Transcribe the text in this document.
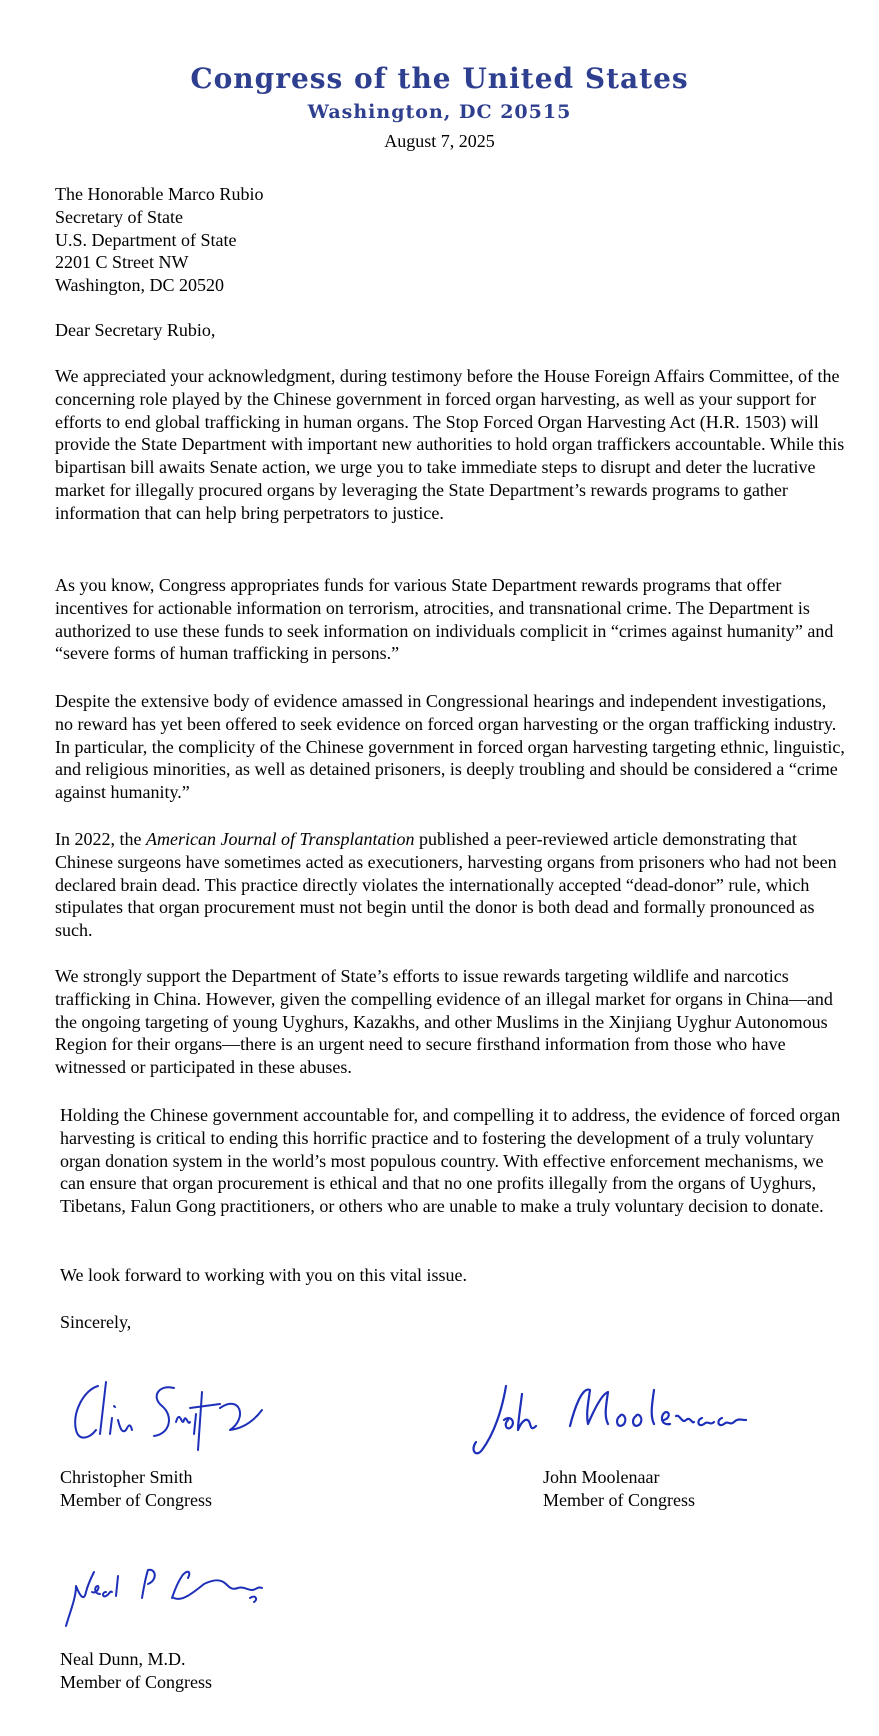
Congress of the United States
Washington, DC 20515
August 7, 2025
The Honorable Marco Rubio
Secretary of State
U.S. Department of State
2201 C Street NW
Washington, DC 20520

Dear Secretary Rubio,

We appreciated your acknowledgment, during testimony before the House Foreign Affairs Committee, of the concerning role played by the Chinese government in forced organ harvesting, as well as your support for efforts to end global trafficking in human organs. The Stop Forced Organ Harvesting Act (H.R. 1503) will provide the State Department with important new authorities to hold organ traffickers accountable. While this bipartisan bill awaits Senate action, we urge you to take immediate steps to disrupt and deter the lucrative market for illegally procured organs by leveraging the State Department’s rewards programs to gather information that can help bring perpetrators to justice.

As you know, Congress appropriates funds for various State Department rewards programs that offer incentives for actionable information on terrorism, atrocities, and transnational crime. The Department is authorized to use these funds to seek information on individuals complicit in “crimes against humanity” and “severe forms of human trafficking in persons.”

Despite the extensive body of evidence amassed in Congressional hearings and independent investigations, no reward has yet been offered to seek evidence on forced organ harvesting or the organ trafficking industry. In particular, the complicity of the Chinese government in forced organ harvesting targeting ethnic, linguistic, and religious minorities, as well as detained prisoners, is deeply troubling and should be considered a “crime against humanity.”

In 2022, the American Journal of Transplantation published a peer-reviewed article demonstrating that Chinese surgeons have sometimes acted as executioners, harvesting organs from prisoners who had not been declared brain dead. This practice directly violates the internationally accepted “dead-donor” rule, which stipulates that organ procurement must not begin until the donor is both dead and formally pronounced as such.

We strongly support the Department of State’s efforts to issue rewards targeting wildlife and narcotics trafficking in China. However, given the compelling evidence of an illegal market for organs in China—and the ongoing targeting of young Uyghurs, Kazakhs, and other Muslims in the Xinjiang Uyghur Autonomous Region for their organs—there is an urgent need to secure firsthand information from those who have witnessed or participated in these abuses.

Holding the Chinese government accountable for, and compelling it to address, the evidence of forced organ harvesting is critical to ending this horrific practice and to fostering the development of a truly voluntary organ donation system in the world’s most populous country. With effective enforcement mechanisms, we can ensure that organ procurement is ethical and that no one profits illegally from the organs of Uyghurs, Tibetans, Falun Gong practitioners, or others who are unable to make a truly voluntary decision to donate.

We look forward to working with you on this vital issue.

Sincerely,

Christopher Smith
Member of Congress
John Moolenaar
Member of Congress
Neal Dunn, M.D.
Member of Congress
